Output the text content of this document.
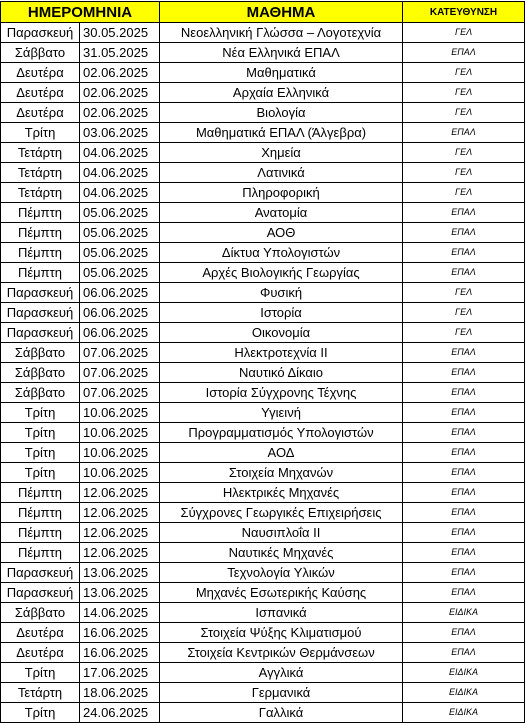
ΗΜΕΡΟΜΗΝΙΑ		ΜΑΘΗΜΑ	ΚΑΤΕΥΘΥΝΣΗ
Παρασκευή	30.05.2025	Νεοελληνική Γλώσσα – Λογοτεχνία	ΓΕΛ
Σάββατο	31.05.2025	Νέα Ελληνικά ΕΠΑΛ	ΕΠΑΛ
Δευτέρα	02.06.2025	Μαθηματικά	ΓΕΛ
Δευτέρα	02.06.2025	Αρχαία Ελληνικά	ΓΕΛ
Δευτέρα	02.06.2025	Βιολογία	ΓΕΛ
Τρίτη	03.06.2025	Μαθηματικά ΕΠΑΛ (Άλγεβρα)	ΕΠΑΛ
Τετάρτη	04.06.2025	Χημεία	ΓΕΛ
Τετάρτη	04.06.2025	Λατινικά	ΓΕΛ
Τετάρτη	04.06.2025	Πληροφορική	ΓΕΛ
Πέμπτη	05.06.2025	Ανατομία	ΕΠΑΛ
Πέμπτη	05.06.2025	ΑΟΘ	ΕΠΑΛ
Πέμπτη	05.06.2025	Δίκτυα Υπολογιστών	ΕΠΑΛ
Πέμπτη	05.06.2025	Αρχές Βιολογικής Γεωργίας	ΕΠΑΛ
Παρασκευή	06.06.2025	Φυσική	ΓΕΛ
Παρασκευή	06.06.2025	Ιστορία	ΓΕΛ
Παρασκευή	06.06.2025	Οικονομία	ΓΕΛ
Σάββατο	07.06.2025	Ηλεκτροτεχνία ΙΙ	ΕΠΑΛ
Σάββατο	07.06.2025	Ναυτικό Δίκαιο	ΕΠΑΛ
Σάββατο	07.06.2025	Ιστορία Σύγχρονης Τέχνης	ΕΠΑΛ
Τρίτη	10.06.2025	Υγιεινή	ΕΠΑΛ
Τρίτη	10.06.2025	Προγραμματισμός Υπολογιστών	ΕΠΑΛ
Τρίτη	10.06.2025	ΑΟΔ	ΕΠΑΛ
Τρίτη	10.06.2025	Στοιχεία Μηχανών	ΕΠΑΛ
Πέμπτη	12.06.2025	Ηλεκτρικές Μηχανές	ΕΠΑΛ
Πέμπτη	12.06.2025	Σύγχρονες Γεωργικές Επιχειρήσεις	ΕΠΑΛ
Πέμπτη	12.06.2025	Ναυσιπλοΐα ΙΙ	ΕΠΑΛ
Πέμπτη	12.06.2025	Ναυτικές Μηχανές	ΕΠΑΛ
Παρασκευή	13.06.2025	Τεχνολογία Υλικών	ΕΠΑΛ
Παρασκευή	13.06.2025	Μηχανές Εσωτερικής Καύσης	ΕΠΑΛ
Σάββατο	14.06.2025	Ισπανικά	ΕΙΔΙΚΑ
Δευτέρα	16.06.2025	Στοιχεία Ψύξης Κλιματισμού	ΕΠΑΛ
Δευτέρα	16.06.2025	Στοιχεία Κεντρικών Θερμάνσεων	ΕΠΑΛ
Τρίτη	17.06.2025	Αγγλικά	ΕΙΔΙΚΑ
Τετάρτη	18.06.2025	Γερμανικά	ΕΙΔΙΚΑ
Τρίτη	24.06.2025	Γαλλικά	ΕΙΔΙΚΑ
